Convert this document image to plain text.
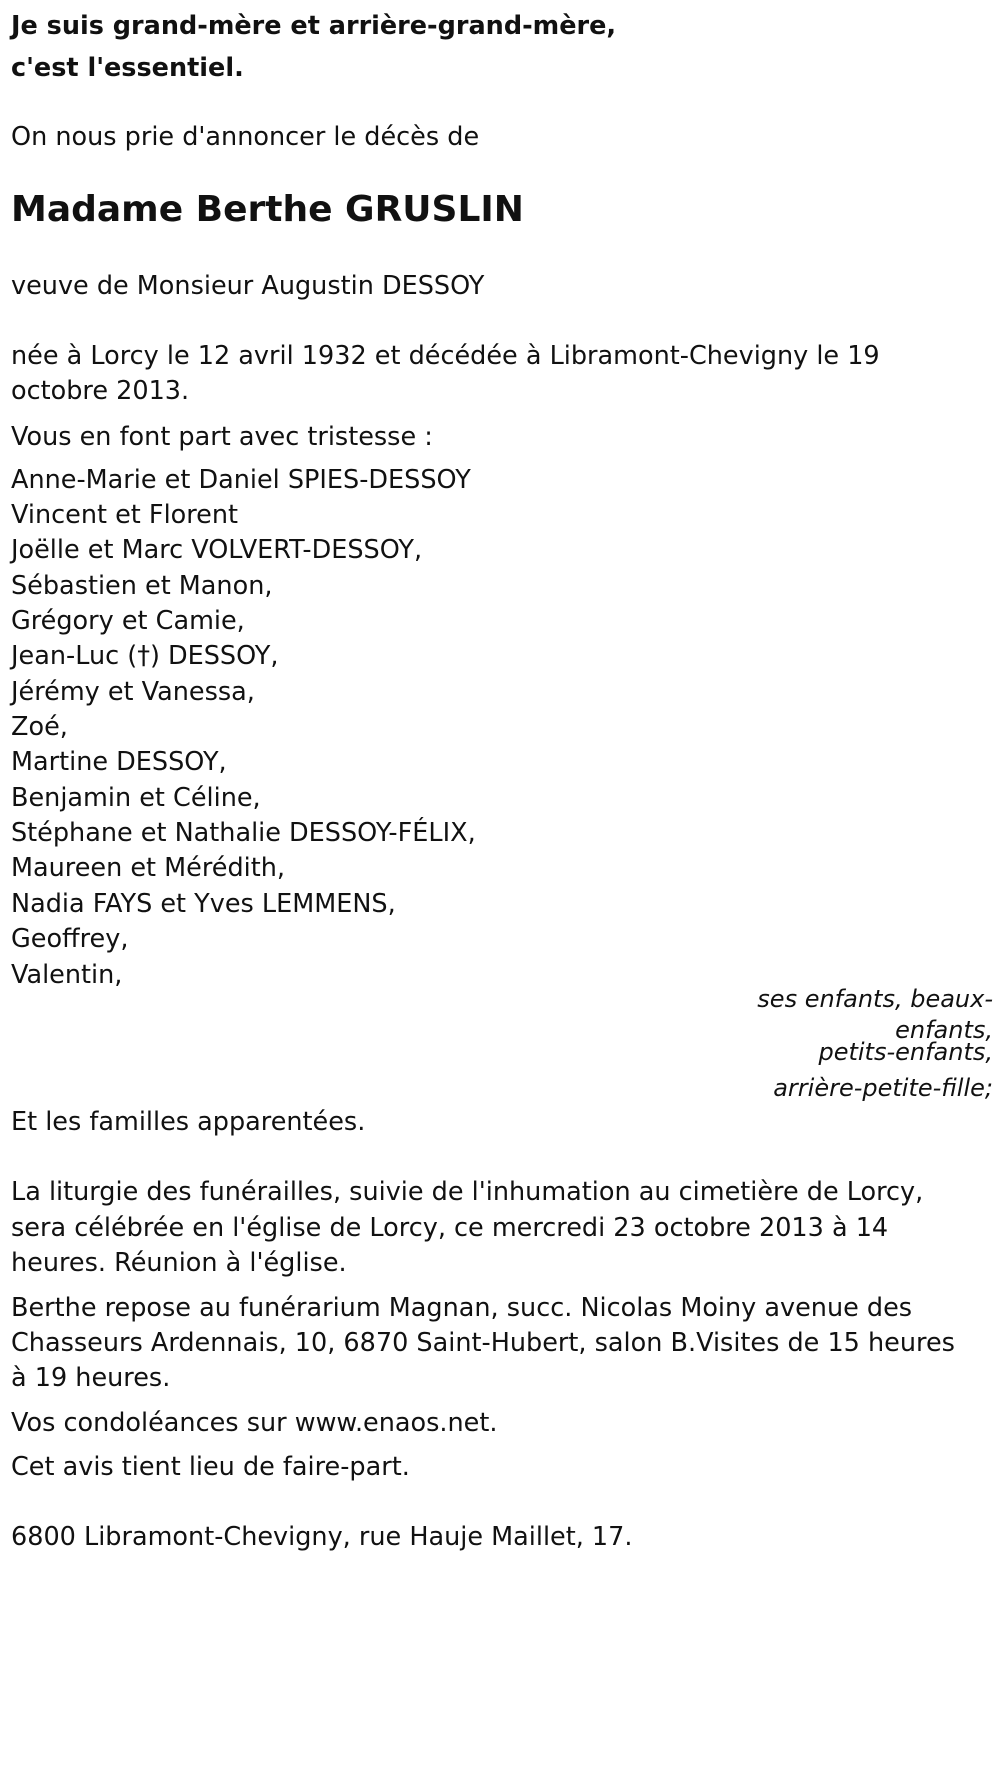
Je suis grand-mère et arrière-grand-mère,

c'est l'essentiel.

On nous prie d'annoncer le décès de

Madame Berthe GRUSLIN

veuve de Monsieur Augustin DESSOY

née à Lorcy le 12 avril 1932 et décédée à Libramont-Chevigny le 19

octobre 2013.

Vous en font part avec tristesse :

Anne-Marie et Daniel SPIES-DESSOY

Vincent et Florent

Joëlle et Marc VOLVERT-DESSOY,

Sébastien et Manon,

Grégory et Camie,

Jean-Luc (†) DESSOY,

Jérémy et Vanessa,

Zoé,

Martine DESSOY,

Benjamin et Céline,

Stéphane et Nathalie DESSOY-FÉLIX,

Maureen et Mérédith,

Nadia FAYS et Yves LEMMENS,

Geoffrey,

Valentin,

ses enfants, beaux-

enfants,

petits-enfants,

arrière-petite-fille;

Et les familles apparentées.

La liturgie des funérailles, suivie de l'inhumation au cimetière de Lorcy,

sera célébrée en l'église de Lorcy, ce mercredi 23 octobre 2013 à 14

heures. Réunion à l'église.

Berthe repose au funérarium Magnan, succ. Nicolas Moiny avenue des

Chasseurs Ardennais, 10, 6870 Saint-Hubert, salon B.Visites de 15 heures

à 19 heures.

Vos condoléances sur www.enaos.net.

Cet avis tient lieu de faire-part.

6800 Libramont-Chevigny, rue Hauje Maillet, 17.
